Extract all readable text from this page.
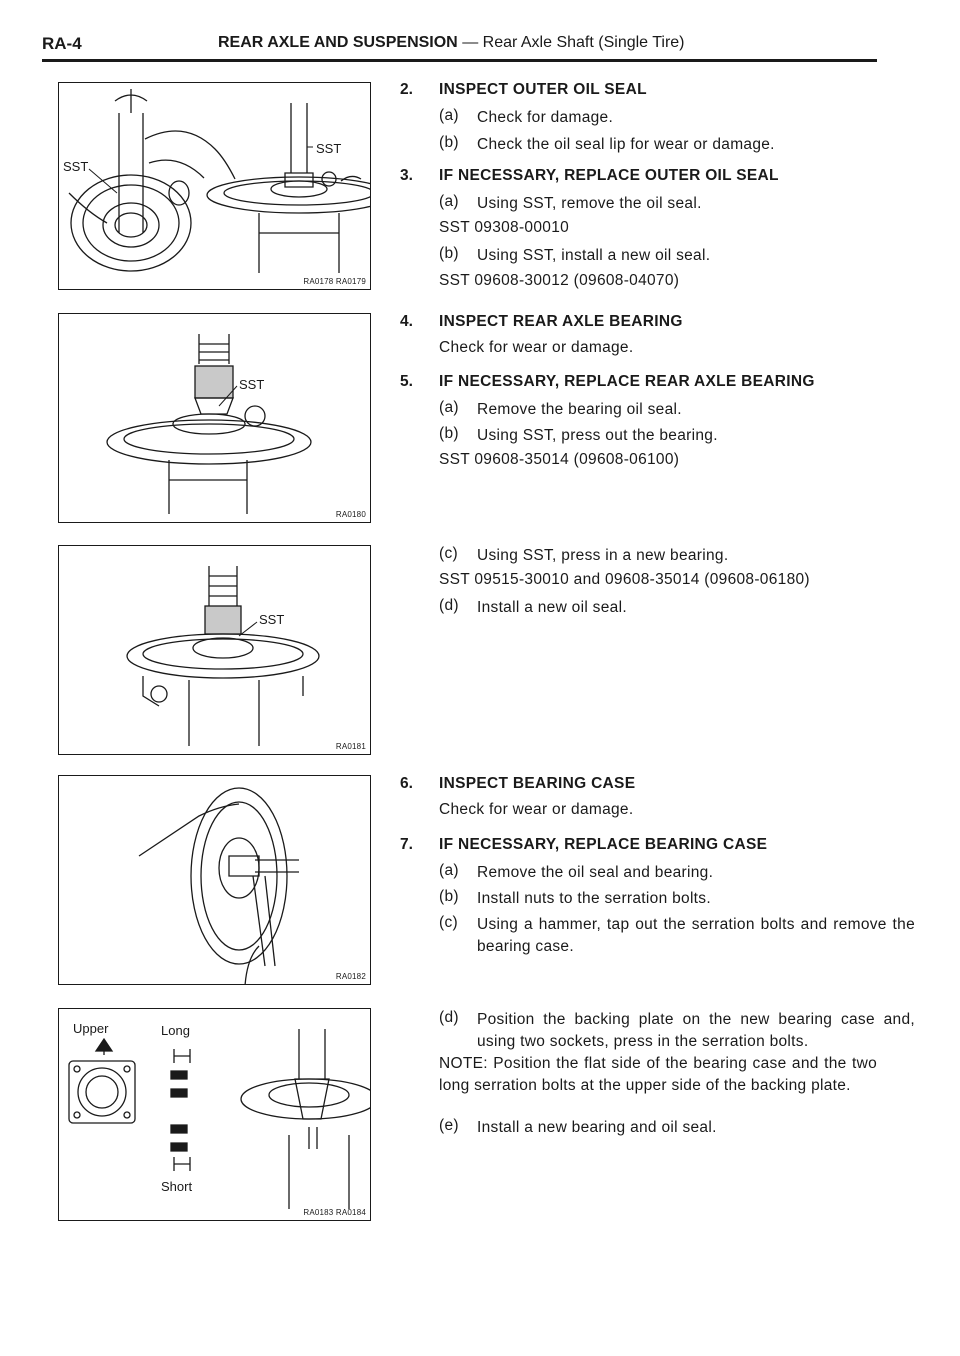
RA-4	REAR AXLE AND SUSPENSION — Rear Axle Shaft (Single Tire)
SST
SST
RA0178 RA0179
SST
RA0180
SST
RA0181
RA0182
Upper	Long
Short
RA0183 RA0184
2. INSPECT OUTER OIL SEAL
(a) Check for damage.
(b) Check the oil seal lip for wear or damage.
3. IF NECESSARY, REPLACE OUTER OIL SEAL
(a) Using SST, remove the oil seal.
SST 09308-00010
(b) Using SST, install a new oil seal.
SST 09608-30012 (09608-04070)
4. INSPECT REAR AXLE BEARING
Check for wear or damage.
5. IF NECESSARY, REPLACE REAR AXLE BEARING
(a) Remove the bearing oil seal.
(b) Using SST, press out the bearing.
SST 09608-35014 (09608-06100)
(c) Using SST, press in a new bearing.
SST 09515-30010 and 09608-35014 (09608-06180)
(d) Install a new oil seal.
6. INSPECT BEARING CASE
Check for wear or damage.
7. IF NECESSARY, REPLACE BEARING CASE
(a) Remove the oil seal and bearing.
(b) Install nuts to the serration bolts.
(c) Using a hammer, tap out the serration bolts and remove the bearing case.
(d) Position the backing plate on the new bearing case and, using two sockets, press in the serration bolts.
NOTE: Position the flat side of the bearing case and the two long serration bolts at the upper side of the backing plate.
(e) Install a new bearing and oil seal.
